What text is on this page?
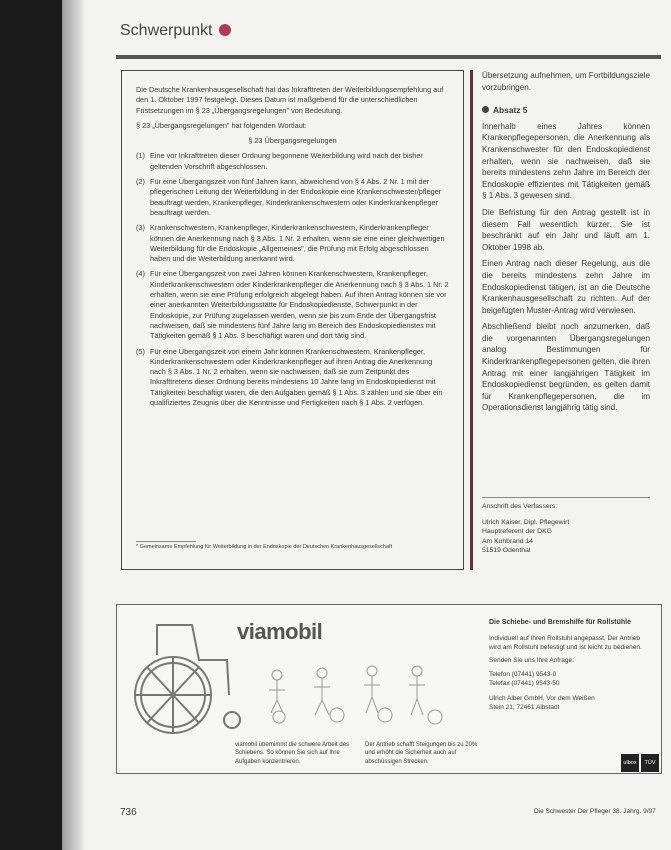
Schwerpunkt

Die Deutsche Krankenhausgesellschaft hat das Inkrafttreten der Weiterbildungsempfehlung auf den 1. Oktober 1997 festgelegt. Dieses Datum ist maßgebend für die unterschiedlichen Fristsetzungen im § 23 „Übergangsregelungen" von Bedeutung.

§ 23 „Übergangsregelungen" hat folgenden Wortlaut:

§ 23 Übergangsregelungen

(1) Eine vor Inkrafttreten dieser Ordnung begonnene Weiterbildung wird nach der bisher geltenden Vorschrift abgeschlossen.
(2) Für eine Übergangszeit von fünf Jahren kann, abweichend von § 4 Abs. 2 Nr. 1 mit der pflegerischen Leitung der Weiterbildung in der Endoskopie eine Krankenschwester/pfleger beauftragt werden, Krankenpfleger, Kinderkrankenschwestern oder Kinderkrankenpfleger beauftragt werden.
(3) Krankenschwestern, Krankenpfleger, Kinderkrankenschwestern, Kinderkrankenpfleger können die Anerkennung nach § 3 Abs. 1 Nr. 2 erhalten, wenn sie eine einer gleichwertigen Weiterbildung für die Endoskopie „Allgemeines", die Prüfung mit Erfolg abgeschlossen haben und die Weiterbildung anerkannt wird.
(4) Für eine Übergangszeit von zwei Jahren können Krankenschwestern, Krankenpfleger, Kinderkrankenschwestern oder Kinderkrankenpfleger die Anerkennung nach § 3 Abs. 1 Nr. 2 erhalten, wenn sie eine Prüfung erfolgreich abgelegt haben. Auf ihren Antrag können sie vor einer anerkannten Weiterbildungsstätte für Endoskopiedienste, Schwerpunkt in der Endoskopie, zur Prüfung zugelassen werden, wenn sie bis zum Ende der Übergangsfrist nachweisen, daß sie mindestens fünf Jahre lang im Bereich des Endoskopiedienstes mit Tätigkeiten gemäß § 1 Abs. 3 beschäftigt waren und dort tätig sind.
(5) Für eine Übergangszeit von einem Jahr können Krankenschwestern, Krankenpfleger, Kinderkrankenschwestern oder Kinderkrankenpfleger auf ihren Antrag die Anerkennung nach § 3 Abs. 1 Nr. 2 erhalten, wenn sie nachweisen, daß sie zum Zeitpunkt des Inkrafttretens dieser Ordnung bereits mindestens 10 Jahre lang im Endoskopiedienst mit Tätigkeiten beschäftigt waren, die den Aufgaben gemäß § 1 Abs. 3 zählen und sie über ein qualifiziertes Zeugnis über die Kenntnisse und Fertigkeiten nach § 1 Abs. 2 verfügen.
* Gemeinsame Empfehlung für Weiterbildung in der Endoskopie der Deutschen Krankenhausgesellschaft

Übersetzung aufnehmen, um Fortbildungsziele vorzubringen.

Absatz 5

Innerhalb eines Jahres können Krankenpflegepersonen, die Anerkennung als Krankenschwester für den Endoskopiedienst erhalten, wenn sie nachweisen, daß sie bereits mindestens zehn Jahre im Bereich der Endoskopie effizientes mit Tätigkeiten gemäß § 1 Abs. 3 gewesen sind.

Die Befristung für den Antrag gestellt ist in diesem Fall wesentlich kürzer. Sie ist beschränkt auf ein Jahr und läuft am 1. Oktober 1998 ab.

Einen Antrag nach dieser Regelung, aus die die bereits mindestens zehn Jahre im Endoskopiedienst tätigen, ist an die Deutsche Krankenhausgesellschaft zu richten. Auf der beigefügten Muster-Antrag wird verwiesen.

Abschließend bleibt noch anzumerken, daß die vorgenannten Übergangsregelungen analog Bestimmungen für Kinderkrankenpflegepersonen gelten, die ihren Antrag mit einer langjährigen Tätigkeit im Endoskopiedienst begründen, es gelten damit für Krankenpflegepersonen, die im Operationsdienst langjährig tätig sind.

Anschrift des Verfassers:
Ulrich Kaiser, Dipl. Pflegewirt
Hauptreferent der DKG
Am Kuhbrand 14
51519 Odenthal
viamobil
viamobil übernimmt die schwere Arbeit des Schiebens. So können Sie sich auf Ihre Aufgaben konzentrieren.
Der Antrieb schafft Steigungen bis zu 20% und erhöht die Sicherheit auch auf abschüssigen Strecken.
Die Schiebe- und Bremshilfe für Rollstühle

Individuell auf Ihren Rollstuhl angepasst. Der Antrieb wird am Rollstuhl befestigt und ist leicht zu bedienen.

Senden Sie uns Ihre Anfrage.

Telefon (07441) 9543-0
Telefax (07441) 9543-50

Ulrich Alber GmbH, Vor dem Weißen Stein 21, 72461 Albstadt

ulbox TÜV
736	Die Schwester Der Pfleger 38. Jahrg. 9/97
